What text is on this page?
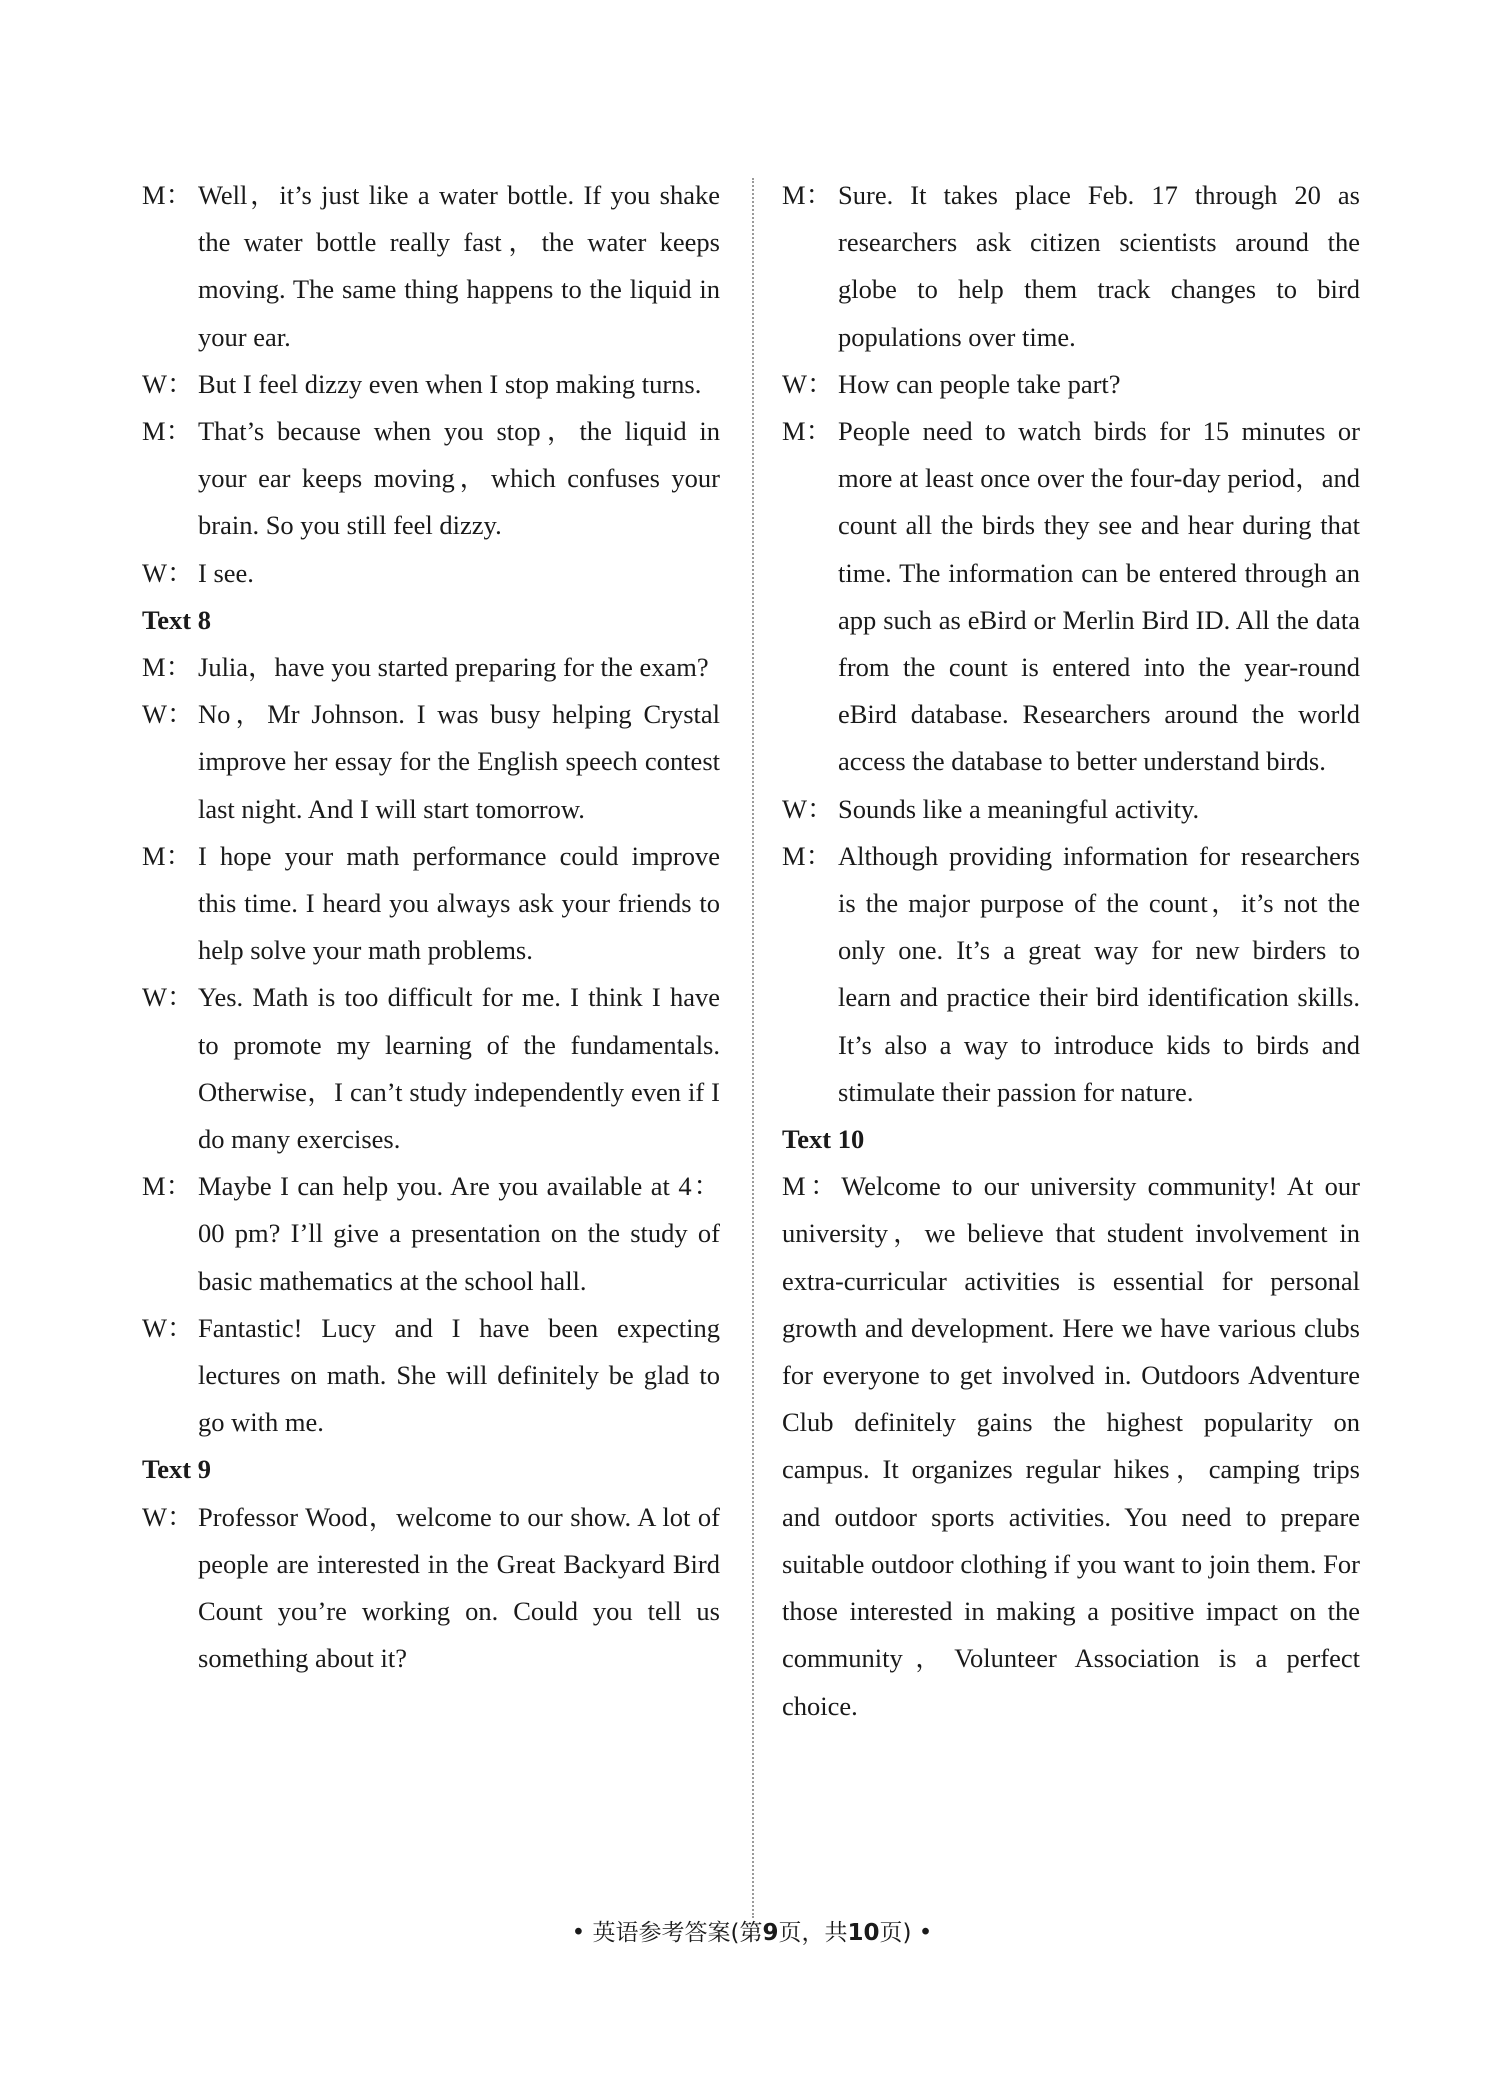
M： Well，it’s just like a water bottle. If you shake the water bottle really fast，the water keeps moving. The same thing happens to the liquid in your ear.
W： But I feel dizzy even when I stop making turns.
M： That’s because when you stop，the liquid in your ear keeps moving，which confuses your brain. So you still feel dizzy.
W： I see.
Text 8
M： Julia，have you started preparing for the exam?
W： No，Mr Johnson. I was busy helping Crystal improve her essay for the English speech contest last night. And I will start tomorrow.
M： I hope your math performance could improve this time. I heard you always ask your friends to help solve your math problems.
W： Yes. Math is too difficult for me. I think I have to promote my learning of the fundamentals. Otherwise，I can’t study independently even if I do many exercises.
M： Maybe I can help you. Are you available at 4：00 pm? I’ll give a presentation on the study of basic mathematics at the school hall.
W： Fantastic! Lucy and I have been expecting lectures on math. She will definitely be glad to go with me.
Text 9
W： Professor Wood，welcome to our show. A lot of people are interested in the Great Backyard Bird Count you’re working on. Could you tell us something about it?
M： Sure. It takes place Feb. 17 through 20 as researchers ask citizen scientists around the globe to help them track changes to bird populations over time.
W： How can people take part?
M： People need to watch birds for 15 minutes or more at least once over the four-day period，and count all the birds they see and hear during that time. The information can be entered through an app such as eBird or Merlin Bird ID. All the data from the count is entered into the year-round eBird database. Researchers around the world access the database to better understand birds.
W： Sounds like a meaningful activity.
M： Although providing information for researchers is the major purpose of the count，it’s not the only one. It’s a great way for new birders to learn and practice their bird identification skills. It’s also a way to introduce kids to birds and stimulate their passion for nature.
Text 10
M：Welcome to our university community! At our university，we believe that student involvement in extra-curricular activities is essential for personal growth and development. Here we have various clubs for everyone to get involved in. Outdoors Adventure Club definitely gains the highest popularity on campus. It organizes regular hikes，camping trips and outdoor sports activities. You need to prepare suitable outdoor clothing if you want to join them. For those interested in making a positive impact on the community，Volunteer Association is a perfect choice.
• 英语参考答案(第9页，共10页) •
